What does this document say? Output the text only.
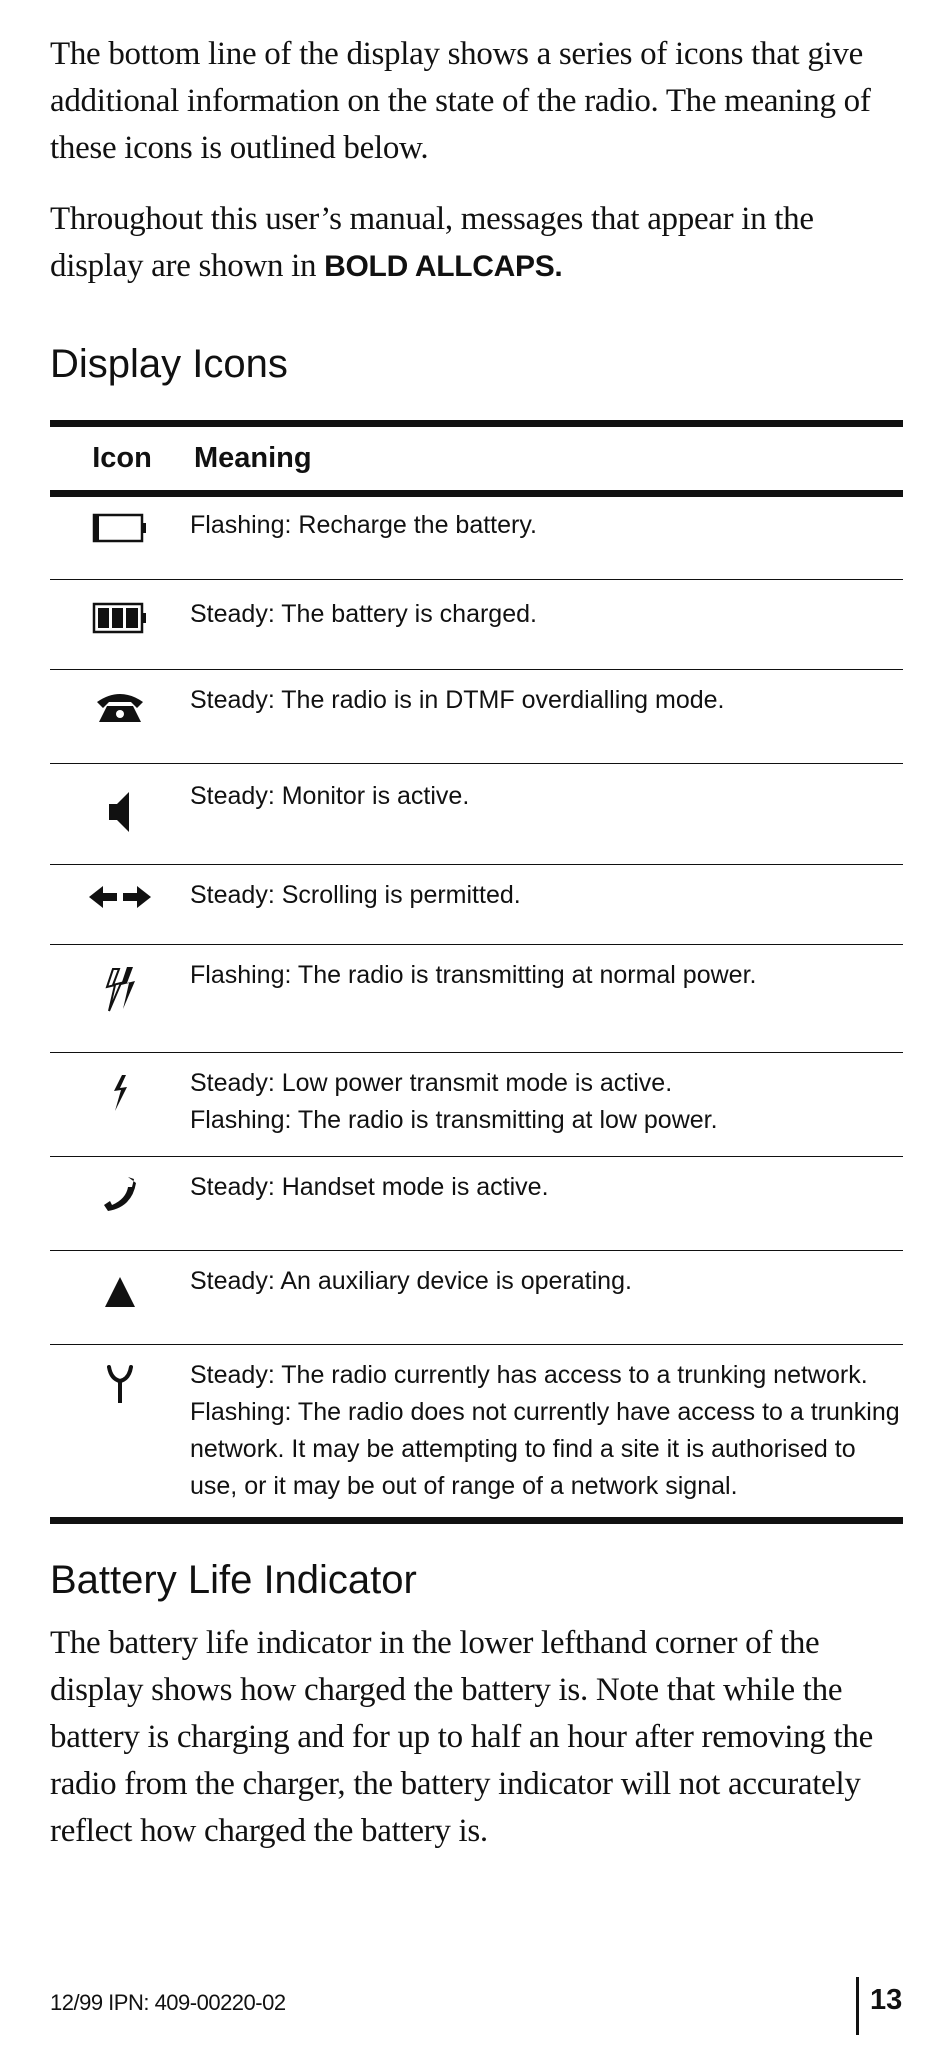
The bottom line of the display shows a series of icons that give additional information on the state of the radio. The meaning of these icons is outlined below.

Throughout this user’s manual, messages that appear in the display are shown in BOLD ALLCAPS.

Display Icons
Icon	Meaning
Flashing: Recharge the battery.
Steady: The battery is charged.
Steady: The radio is in DTMF overdialling mode.
Steady: Monitor is active.
Steady: Scrolling is permitted.
Flashing: The radio is transmitting at normal power.
Steady: Low power transmit mode is active.
Flashing: The radio is transmitting at low power.
Steady: Handset mode is active.
Steady: An auxiliary device is operating.
Steady: The radio currently has access to a trunking network.
Flashing: The radio does not currently have access to a trunking
network. It may be attempting to find a site it is authorised to
use, or it may be out of range of a network signal.
Battery Life Indicator

The battery life indicator in the lower lefthand corner of the display shows how charged the battery is. Note that while the battery is charging and for up to half an hour after removing the radio from the charger, the battery indicator will not accurately reflect how charged the battery is.

12/99 IPN: 409-00220-02	13
